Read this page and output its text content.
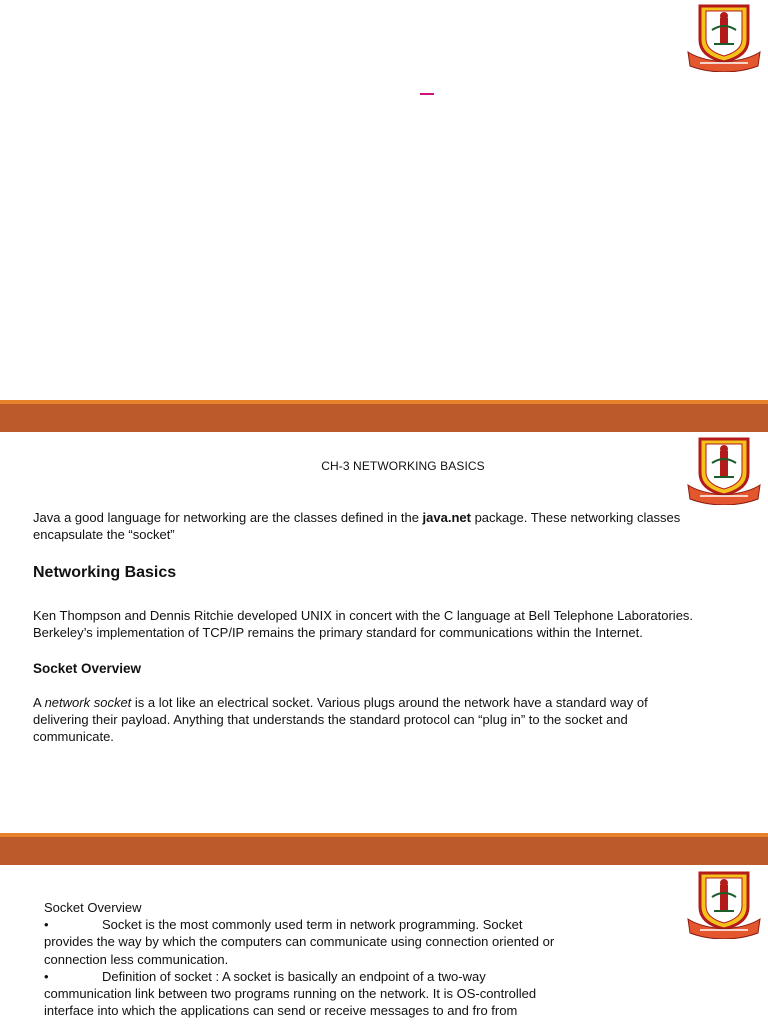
CH-3 NETWORKING BASICS

Java a good language for networking are the classes defined in the java.net package. These networking classes
encapsulate the “socket”

Networking Basics

Ken Thompson and Dennis Ritchie developed UNIX in concert with the C language at Bell Telephone Laboratories.
Berkeley’s implementation of TCP/IP remains the primary standard for communications within the Internet.

Socket Overview

A network socket is a lot like an electrical socket. Various plugs around the network have a standard way of
delivering their payload. Anything that understands the standard protocol can “plug in” to the socket and
communicate.

Socket Overview
•	Socket is the most commonly used term in network programming. Socket
provides the way by which the computers can communicate using connection oriented or
connection less communication.
•	Definition of socket : A socket is basically an endpoint of a two-way
communication link between two programs running on the network. It is OS-controlled
interface into which the applications can send or receive messages to and fro from
